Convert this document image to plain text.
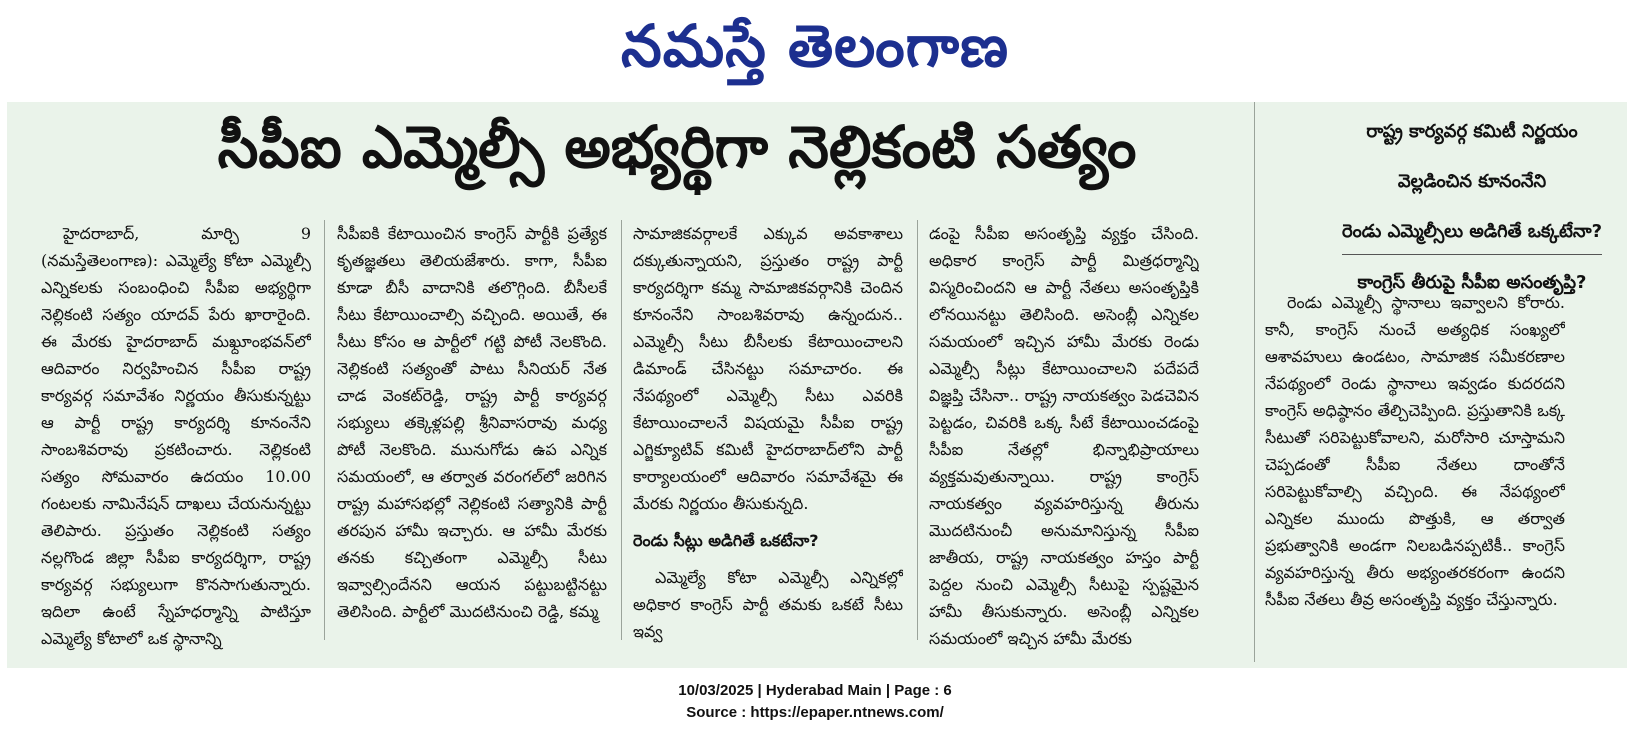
నమస్తే తెలంగాణ
సీపీఐ ఎమ్మెల్సీ అభ్యర్థిగా నెల్లికంటి సత్యం	రాష్ట్ర కార్యవర్గ కమిటీ నిర్ణయం
వెల్లడించిన కూనంనేని
రెండు ఎమ్మెల్సీలు అడిగితే ఒక్కటేనా?
కాంగ్రెస్ తీరుపై సీపీఐ అసంతృప్తి?

హైదరాబాద్, మార్చి 9 (నమస్తేతెలంగాణ): ఎమ్మెల్యే కోటా ఎమ్మెల్సీ ఎన్నికలకు సంబంధించి సీపీఐ అభ్యర్థిగా నెల్లికంటి సత్యం యాదవ్ పేరు ఖారారైంది. ఈ మేరకు హైదరాబాద్ మఖ్దూంభవన్‌లో ఆదివారం నిర్వహించిన సీపీఐ రాష్ట్ర కార్యవర్గ సమావేశం నిర్ణయం తీసుకున్నట్టు ఆ పార్టీ రాష్ట్ర కార్యదర్శి కూనంనేని సాంబశివరావు ప్రకటించారు. నెల్లికంటి సత్యం సోమవారం ఉదయం 10.00 గంటలకు నామినేషన్ దాఖలు చేయనున్నట్టు తెలిపారు. ప్రస్తుతం నెల్లికంటి సత్యం నల్లగొండ జిల్లా సీపీఐ కార్యదర్శిగా, రాష్ట్ర కార్యవర్గ సభ్యులుగా కొనసాగుతున్నారు. ఇదిలా ఉంటే స్నేహధర్మాన్ని పాటిస్తూ ఎమ్మెల్యే కోటాలో ఒక స్థానాన్ని

సీపీఐకి కేటాయించిన కాంగ్రెస్ పార్టీకి ప్రత్యేక కృతజ్ఞతలు తెలియజేశారు. కాగా, సీపీఐ కూడా బీసీ వాదానికి తలొగ్గింది. బీసీలకే సీటు కేటాయించాల్సి వచ్చింది. అయితే, ఈ సీటు కోసం ఆ పార్టీలో గట్టి పోటీ నెలకొంది. నెల్లికంటి సత్యంతో పాటు సీనియర్ నేత చాడ వెంకట్‌రెడ్డి, రాష్ట్ర పార్టీ కార్యవర్గ సభ్యులు తక్కెళ్లపల్లి శ్రీనివాసరావు మధ్య పోటీ నెలకొంది. మునుగోడు ఉప ఎన్నిక సమయంలో, ఆ తర్వాత వరంగల్‌లో జరిగిన రాష్ట్ర మహాసభల్లో నెల్లికంటి సత్యానికి పార్టీ తరపున హామీ ఇచ్చారు. ఆ హామీ మేరకు తనకు కచ్చితంగా ఎమ్మెల్సీ సీటు ఇవ్వాల్సిందేనని ఆయన పట్టుబట్టినట్టు తెలిసింది. పార్టీలో మొదటినుంచి రెడ్డి, కమ్మ

సామాజికవర్గాలకే ఎక్కువ అవకాశాలు దక్కుతున్నాయని, ప్రస్తుతం రాష్ట్ర పార్టీ కార్యదర్శిగా కమ్మ సామాజికవర్గానికి చెందిన కూనంనేని సాంబశివరావు ఉన్నందున.. ఎమ్మెల్సీ సీటు బీసీలకు కేటాయించాలని డిమాండ్ చేసినట్టు సమాచారం. ఈ నేపథ్యంలో ఎమ్మెల్సీ సీటు ఎవరికి కేటాయించాలనే విషయమై సీపీఐ రాష్ట్ర ఎగ్జిక్యూటివ్ కమిటీ హైదరాబాద్‌లోని పార్టీ కార్యాలయంలో ఆదివారం సమావేశమై ఈ మేరకు నిర్ణయం తీసుకున్నది.

రెండు సీట్లు అడిగితే ఒకటేనా?

ఎమ్మెల్యే కోటా ఎమ్మెల్సీ ఎన్నికల్లో అధికార కాంగ్రెస్ పార్టీ తమకు ఒకటే సీటు ఇవ్వ

డంపై సీపీఐ అసంతృప్తి వ్యక్తం చేసింది. అధికార కాంగ్రెస్ పార్టీ మిత్రధర్మాన్ని విస్మరించిందని ఆ పార్టీ నేతలు అసంతృప్తికి లోనయినట్టు తెలిసింది. అసెంబ్లీ ఎన్నికల సమయంలో ఇచ్చిన హామీ మేరకు రెండు ఎమ్మెల్సీ సీట్లు కేటాయించాలని పదేపదే విజ్ఞప్తి చేసినా.. రాష్ట్ర నాయకత్వం పెడచెవిన పెట్టడం, చివరికి ఒక్క సీటే కేటాయించడంపై సీపీఐ నేతల్లో భిన్నాభిప్రాయాలు వ్యక్తమవుతున్నాయి. రాష్ట్ర కాంగ్రెస్ నాయకత్వం వ్యవహరిస్తున్న తీరును మొదటినుంచీ అనుమానిస్తున్న సీపీఐ జాతీయ, రాష్ట్ర నాయకత్వం హస్తం పార్టీ పెద్దల నుంచి ఎమ్మెల్సీ సీటుపై స్పష్టమైన హామీ తీసుకున్నారు. అసెంబ్లీ ఎన్నికల సమయంలో ఇచ్చిన హామీ మేరకు

రెండు ఎమ్మెల్సీ స్థానాలు ఇవ్వాలని కోరారు. కానీ, కాంగ్రెస్ నుంచే అత్యధిక సంఖ్యలో ఆశావహులు ఉండటం, సామాజిక సమీకరణాల నేపథ్యంలో రెండు స్థానాలు ఇవ్వడం కుదరదని కాంగ్రెస్ అధిష్ఠానం తేల్చిచెప్పింది. ప్రస్తుతానికి ఒక్క సీటుతో సరిపెట్టుకోవాలని, మరోసారి చూస్తామని చెప్పడంతో సీపీఐ నేతలు దాంతోనే సరిపెట్టుకోవాల్సి వచ్చింది. ఈ నేపథ్యంలో ఎన్నికల ముందు పొత్తుకి, ఆ తర్వాత ప్రభుత్వానికి అండగా నిలబడినప్పటికీ.. కాంగ్రెస్ వ్యవహరిస్తున్న తీరు అభ్యంతరకరంగా ఉందని సీపీఐ నేతలు తీవ్ర అసంతృప్తి వ్యక్తం చేస్తున్నారు.

10/03/2025 | Hyderabad Main | Page : 6
Source : https://epaper.ntnews.com/
